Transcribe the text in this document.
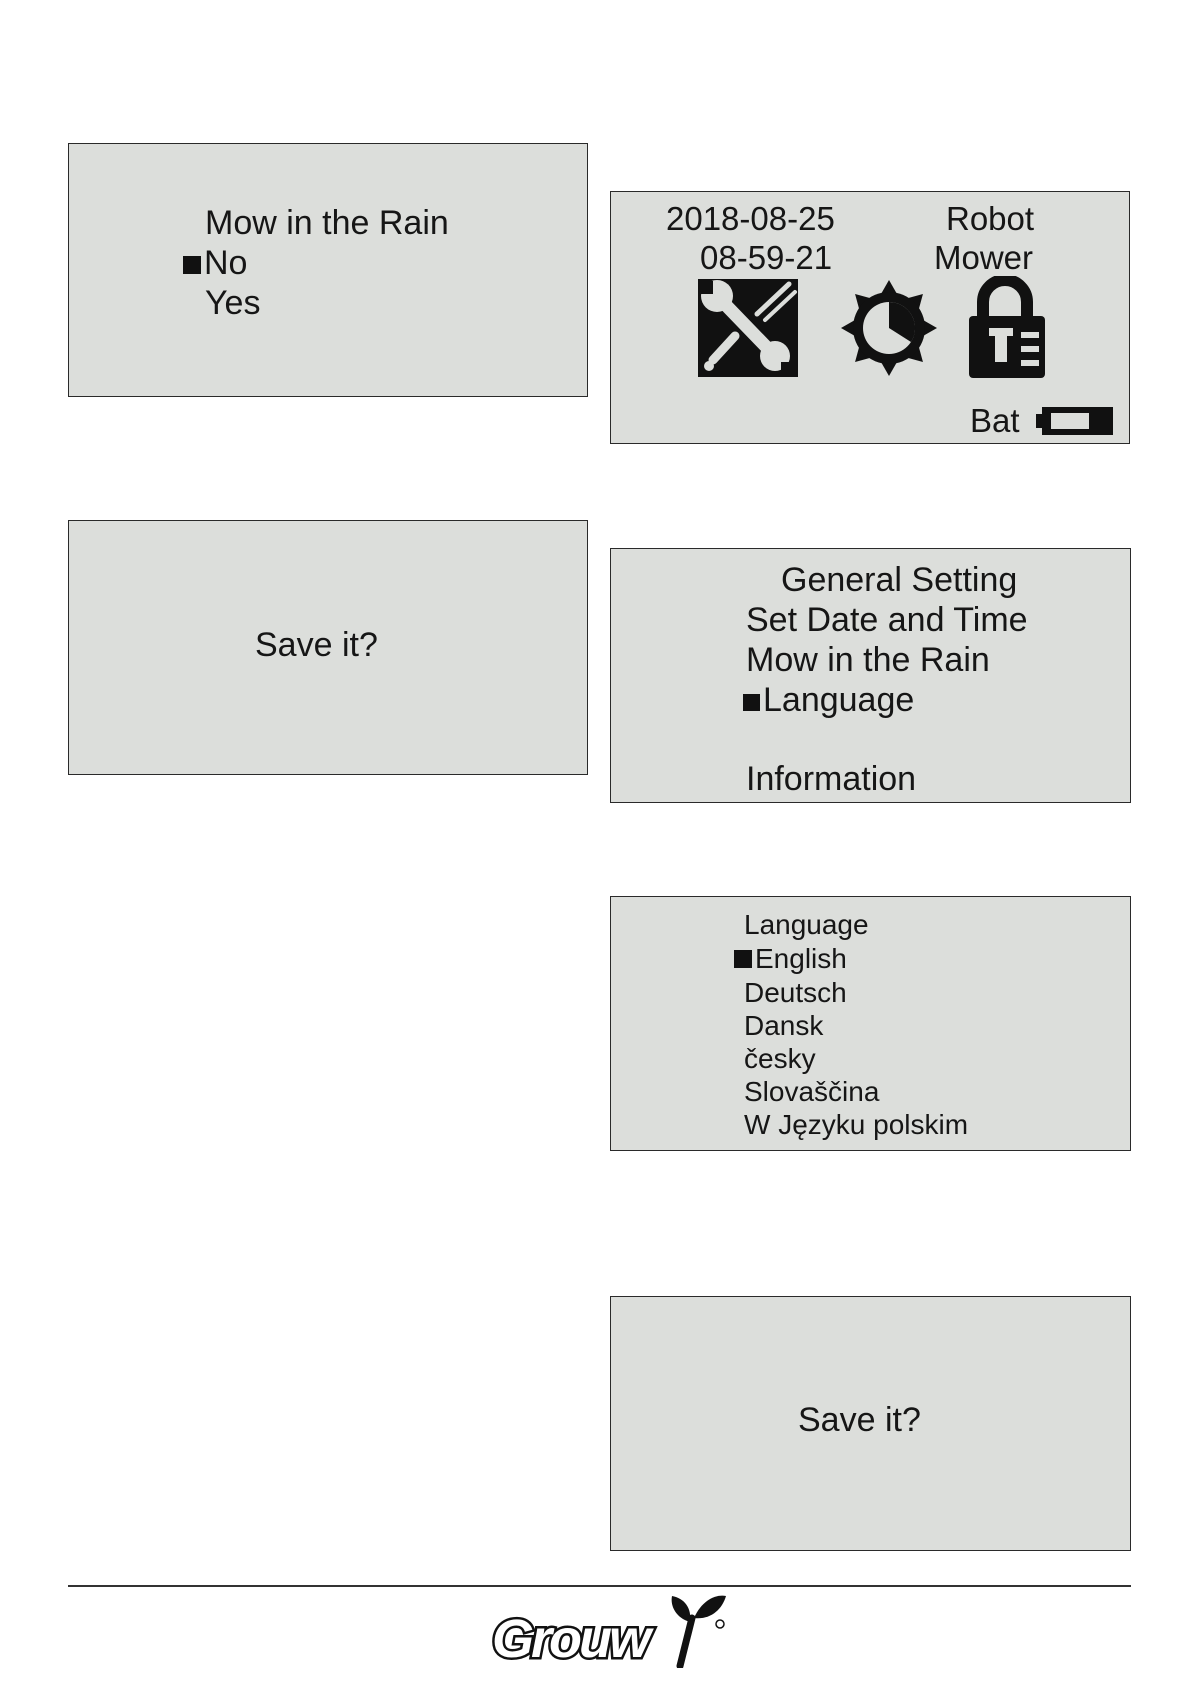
Mow in the Rain
No
Yes
Save it?
2018-08-25
08-59-21
Robot
Mower
Bat
General Setting
Set Date and Time
Mow in the Rain
Language
Information
Language
English
Deutsch
Dansk
česky
Slovaščina
W Języku polskim
Save it?
Grouw
